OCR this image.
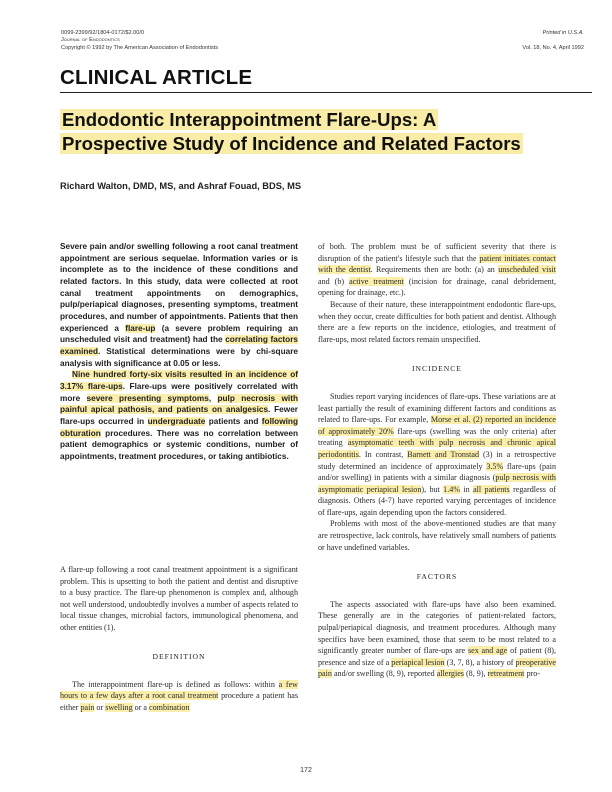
0099-2399/92/1804-0172/$2.00/0
Journal of Endodontics
Copyright © 1992 by The American Association of Endodontists
Printed in U.S.A.
Vol. 18, No. 4, April 1992
CLINICAL ARTICLE
Endodontic Interappointment Flare-Ups: A
Prospective Study of Incidence and Related Factors
Richard Walton, DMD, MS, and Ashraf Fouad, BDS, MS

Severe pain and/or swelling following a root canal treatment appointment are serious sequelae. Information varies or is incomplete as to the incidence of these conditions and related factors. In this study, data were collected at root canal treatment appointments on demographics, pulp/periapical diagnoses, presenting symptoms, treatment procedures, and number of appointments. Patients that then experienced a flare-up (a severe problem requiring an unscheduled visit and treatment) had the correlating factors examined. Statistical determinations were by chi-square analysis with significance at 0.05 or less.

Nine hundred forty-six visits resulted in an incidence of 3.17% flare-ups. Flare-ups were positively correlated with more severe presenting symptoms, pulp necrosis with painful apical pathosis, and patients on analgesics. Fewer flare-ups occurred in undergraduate patients and following obturation procedures. There was no correlation between patient demographics or systemic conditions, number of appointments, treatment procedures, or taking antibiotics.

A flare-up following a root canal treatment appointment is a significant problem. This is upsetting to both the patient and dentist and disruptive to a busy practice. The flare-up phenomenon is complex and, although not well understood, undoubtedly involves a number of aspects related to local tissue changes, microbial factors, immunological phenomena, and other entities (1).

DEFINITION

The interappointment flare-up is defined as follows: within a few hours to a few days after a root canal treatment procedure a patient has either pain or swelling or a combination

of both. The problem must be of sufficient severity that there is disruption of the patient's lifestyle such that the patient initiates contact with the dentist. Requirements then are both: (a) an unscheduled visit and (b) active treatment (incision for drainage, canal debridement, opening for drainage, etc.).

Because of their nature, these interappointment endodontic flare-ups, when they occur, create difficulties for both patient and dentist. Although there are a few reports on the incidence, etiologies, and treatment of flare-ups, most related factors remain unspecified.

INCIDENCE

Studies report varying incidences of flare-ups. These variations are at least partially the result of examining different factors and conditions as related to flare-ups. For example, Morse et al. (2) reported an incidence of approximately 20% flare-ups (swelling was the only criteria) after treating asymptomatic teeth with pulp necrosis and chronic apical periodontitis. In contrast, Barnett and Tronstad (3) in a retrospective study determined an incidence of approximately 3.5% flare-ups (pain and/or swelling) in patients with a similar diagnosis (pulp necrosis with asymptomatic periapical lesion), but 1.4% in all patients regardless of diagnosis. Others (4-7) have reported varying percentages of incidence of flare-ups, again depending upon the factors considered.

Problems with most of the above-mentioned studies are that many are retrospective, lack controls, have relatively small numbers of patients or have undefined variables.

FACTORS

The aspects associated with flare-ups have also been examined. These generally are in the categories of patient-related factors, pulpal/periapical diagnosis, and treatment procedures. Although many specifics have been examined, those that seem to be most related to a significantly greater number of flare-ups are sex and age of patient (8), presence and size of a periapical lesion (3, 7, 8), a history of preoperative pain and/or swelling (8, 9), reported allergies (8, 9), retreatment pro-

172
